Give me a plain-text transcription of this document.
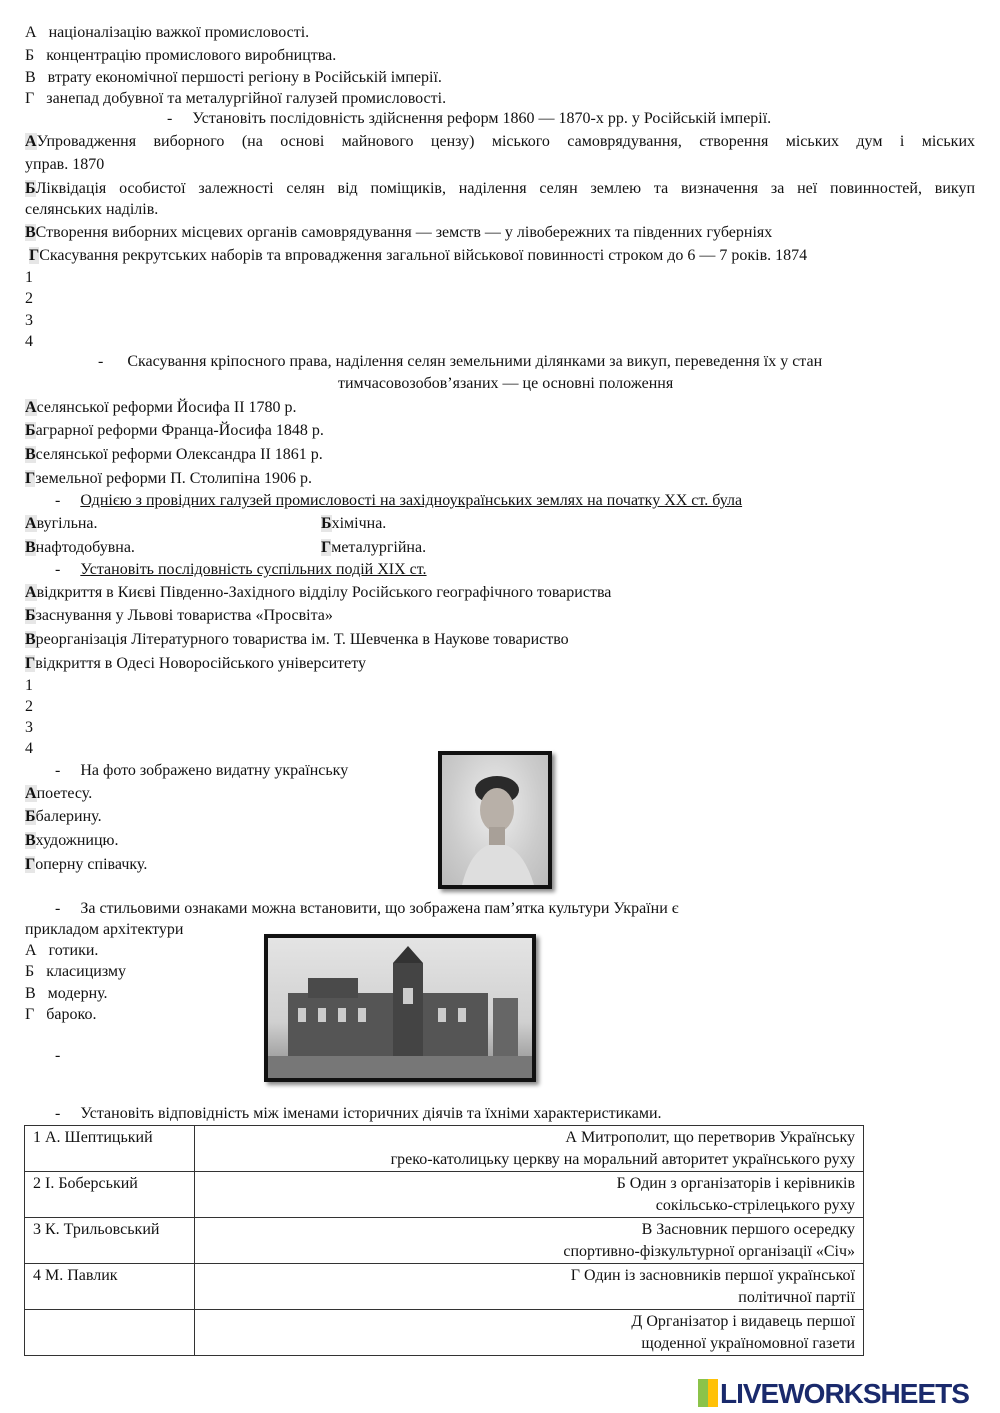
А націоналізацію важкої промисловості.
Б концентрацію промислового виробництва.
В втрату економічної першості регіону в Російській імперії.
Г занепад добувної та металургійної галузей промисловості.
- Установіть послідовність здійснення реформ 1860 — 1870-х рр. у Російській імперії.
АУпровадження виборного (на основі майнового цензу) міського самоврядування, створення міських дум і міських
управ. 1870
БЛіквідація особистої залежності селян від поміщиків, наділення селян землею та визначення за неї повинностей, викуп
селянських наділів.
ВСтворення виборних місцевих органів самоврядування — земств — у лівобережних та південних губерніях
ГСкасування рекрутських наборів та впровадження загальної військової повинності строком до 6 — 7 років. 1874
1
2
3
4
- Скасування кріпосного права, наділення селян земельними ділянками за викуп, переведення їх у стан
тимчасовозобов’язаних — це основні положення
Аселянської реформи Йосифа ІІ 1780 р.
Баграрної реформи Франца-Йосифа 1848 р.
Вселянської реформи Олександра ІІ 1861 р.
Гземельної реформи П. Столипіна 1906 р.
- Однією з провідних галузей промисловості на західноукраїнських землях на початку ХХ ст. була
Авугільна.	Бхімічна.
Внафтодобувна.	Гметалургійна.
- Установіть послідовність суспільних подій ХІХ ст.
Авідкриття в Києві Південно-Західного відділу Російського географічного товариства
Бзаснування у Львові товариства «Просвіта»
Вреорганізація Літературного товариства ім. Т. Шевченка в Наукове товариство
Гвідкриття в Одесі Новоросійського університету
1
2
3
4
- На фото зображено видатну українську
Апоетесу.
Ббалерину.
Вхудожницю.
Гоперну співачку.
- За стильовими ознаками можна встановити, що зображена пам’ятка культури України є
прикладом архітектури
А готики.
Б класицизму
В модерну.
Г бароко.
-
- Установіть відповідність між іменами історичних діячів та їхніми характеристиками.
1 А. Шептицький	А Митрополит, що перетворив Українську
греко-католицьку церкву на моральний авторитет українського руху
2 І. Боберський	Б Один з організаторів і керівників
сокільсько-стрілецького руху
3 К. Трильовський	В Засновник першого осередку
спортивно-фізкультурної організації «Січ»
4 М. Павлик	Г Один із засновників першої української
політичної партії
	Д Організатор і видавець першої
щоденної україномовної газети
LIVEWORKSHEETS
